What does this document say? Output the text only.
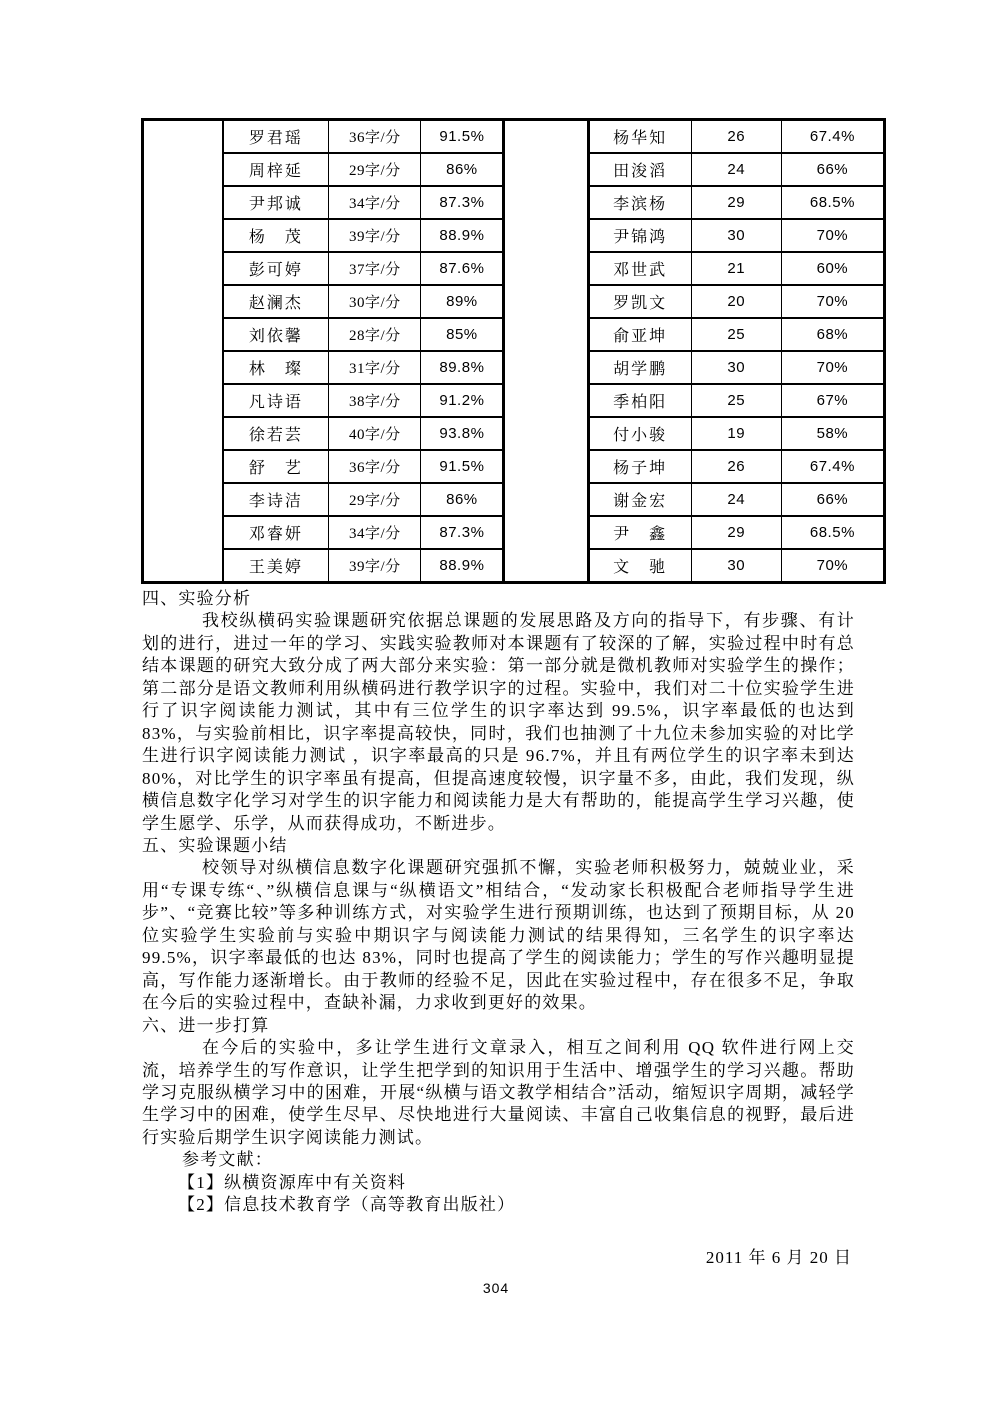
	罗君瑶	36字/分	91.5%		杨华知	26	67.4%
	周梓延	29字/分	86%		田浚滔	24	66%
	尹邦诚	34字/分	87.3%		李滨杨	29	68.5%
	杨　茂	39字/分	88.9%		尹锦鸿	30	70%
	彭可婷	37字/分	87.6%		邓世武	21	60%
	赵澜杰	30字/分	89%		罗凯文	20	70%
	刘依馨	28字/分	85%		俞亚坤	25	68%
	林　璨	31字/分	89.8%		胡学鹏	30	70%
	凡诗语	38字/分	91.2%		季柏阳	25	67%
	徐若芸	40字/分	93.8%		付小骏	19	58%
	舒　艺	36字/分	91.5%		杨子坤	26	67.4%
	李诗洁	29字/分	86%		谢金宏	24	66%
	邓睿妍	34字/分	87.3%		尹　鑫	29	68.5%
	王美婷	39字/分	88.9%		文　驰	30	70%
四、实验分析
我校纵横码实验课题研究依据总课题的发展思路及方向的指导下，有步骤、有计划的进行，进过一年的学习、实践实验教师对本课题有了较深的了解，实验过程中时有总结本课题的研究大致分成了两大部分来实验：第一部分就是微机教师对实验学生的操作；第二部分是语文教师利用纵横码进行教学识字的过程。实验中，我们对二十位实验学生进行了识字阅读能力测试，其中有三位学生的识字率达到 99.5%，识字率最低的也达到 83%，与实验前相比，识字率提高较快，同时，我们也抽测了十九位未参加实验的对比学生进行识字阅读能力测试 ，识字率最高的只是 96.7%，并且有两位学生的识字率未到达 80%，对比学生的识字率虽有提高，但提高速度较慢，识字量不多，由此，我们发现，纵横信息数字化学习对学生的识字能力和阅读能力是大有帮助的，能提高学生学习兴趣，使学生愿学、乐学，从而获得成功，不断进步。
五、实验课题小结
校领导对纵横信息数字化课题研究强抓不懈，实验老师积极努力，兢兢业业，采用“专课专练“、”纵横信息课与“纵横语文”相结合，“发动家长积极配合老师指导学生进步”、“竞赛比较”等多种训练方式，对实验学生进行预期训练，也达到了预期目标，从 20 位实验学生实验前与实验中期识字与阅读能力测试的结果得知，三名学生的识字率达 99.5%，识字率最低的也达 83%，同时也提高了学生的阅读能力；学生的写作兴趣明显提高，写作能力逐渐增长。由于教师的经验不足，因此在实验过程中，存在很多不足，争取在今后的实验过程中，查缺补漏，力求收到更好的效果。
六、进一步打算
在今后的实验中，多让学生进行文章录入，相互之间利用 QQ 软件进行网上交流，培养学生的写作意识，让学生把学到的知识用于生活中、增强学生的学习兴趣。帮助学习克服纵横学习中的困难，开展“纵横与语文教学相结合”活动，缩短识字周期，减轻学生学习中的困难，使学生尽早、尽快地进行大量阅读、丰富自己收集信息的视野，最后进行实验后期学生识字阅读能力测试。
参考文献：
【1】纵横资源库中有关资料
【2】信息技术教育学（高等教育出版社）
2011 年 6 月 20 日
304
